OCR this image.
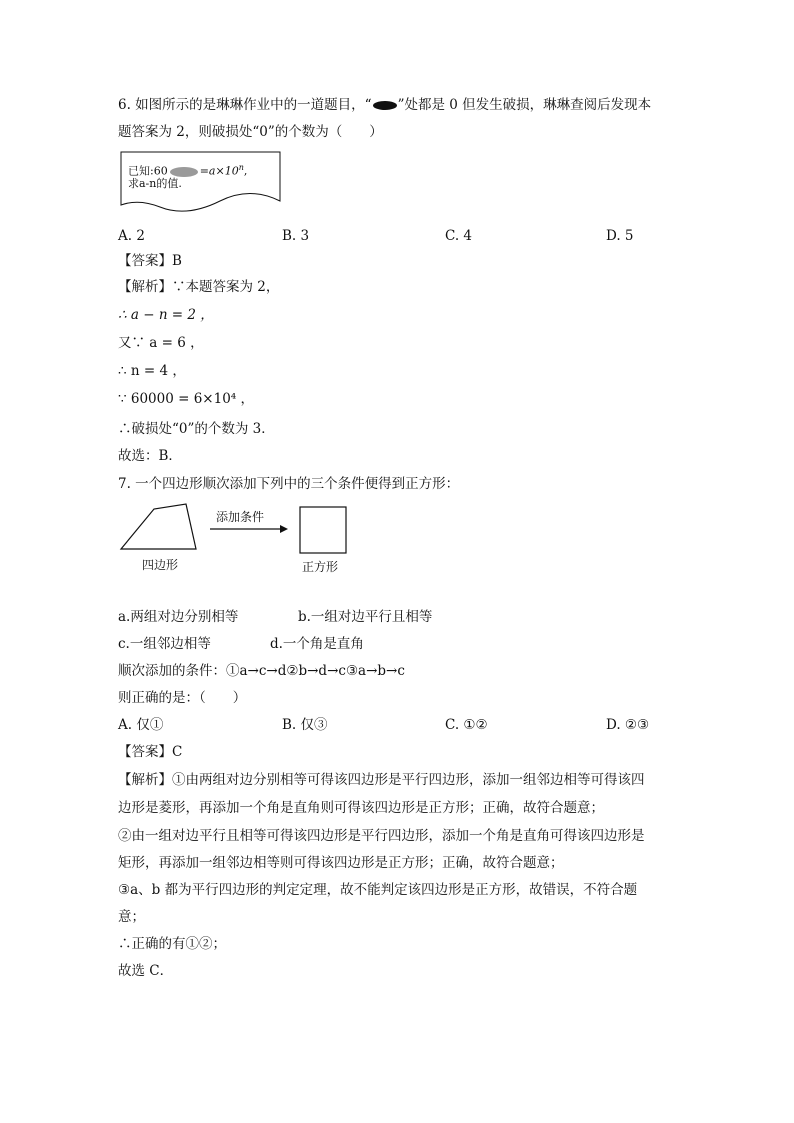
6. 如图所示的是琳琳作业中的一道题目，“ ”处都是 0 但发生破损，琳琳查阅后发现本
题答案为 2，则破损处“0”的个数为（　　）
已知:60	$=a\times 10^n$,
求a-n的值.
A. 2	B. 3	C. 4	D. 5
【答案】B
【解析】∵本题答案为 2，
∴ a − n = 2 ，
又∵ a = 6 ，
∴ n = 4 ，
∵ 60000 = 6×10⁴ ，
∴破损处“0”的个数为 3．
故选：B．
7. 一个四边形顺次添加下列中的三个条件便得到正方形：
四边形
添加条件
正方形
a.两组对边分别相等	b.一组对边平行且相等
c.一组邻边相等	d.一个角是直角
顺次添加的条件：①a→c→d②b→d→c③a→b→c
则正确的是：（　　）
A. 仅①	B. 仅③	C. ①②	D. ②③
【答案】C
【解析】①由两组对边分别相等可得该四边形是平行四边形，添加一组邻边相等可得该四
边形是菱形，再添加一个角是直角则可得该四边形是正方形；正确，故符合题意；
②由一组对边平行且相等可得该四边形是平行四边形，添加一个角是直角可得该四边形是
矩形，再添加一组邻边相等则可得该四边形是正方形；正确，故符合题意；
③a、b 都为平行四边形的判定定理，故不能判定该四边形是正方形，故错误，不符合题
意；
∴正确的有①②；
故选 C．
